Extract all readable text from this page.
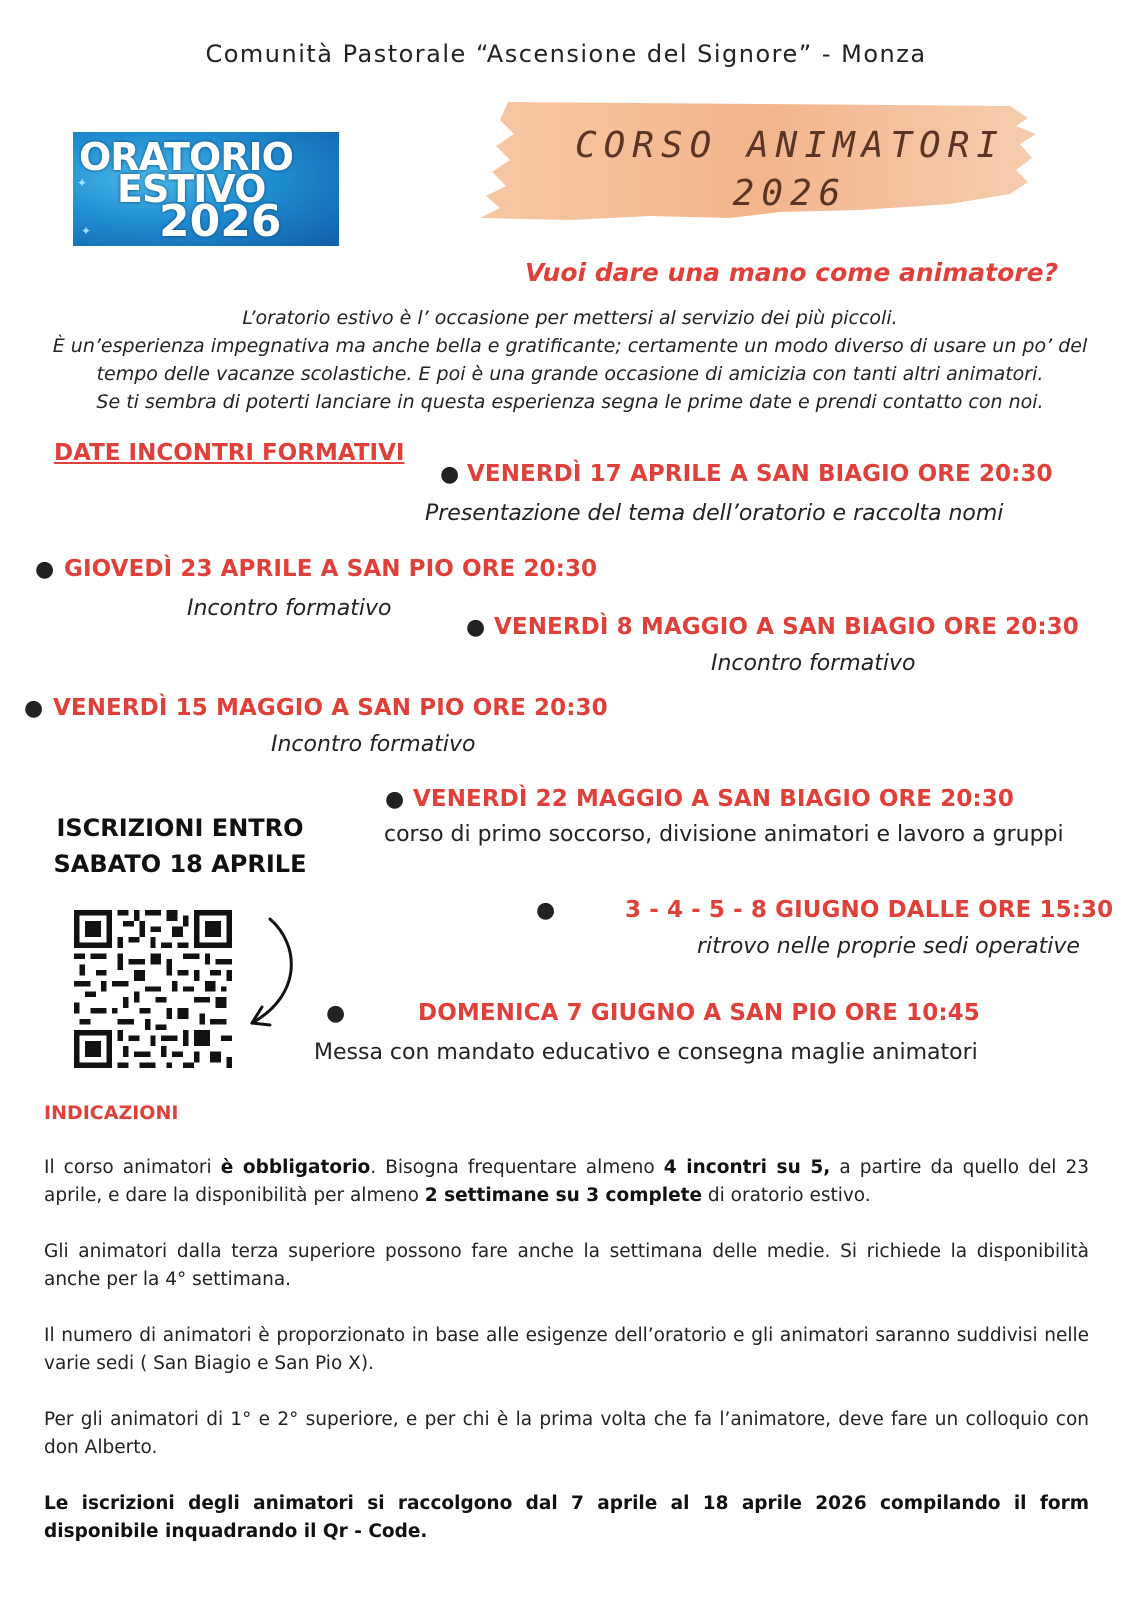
Comunità Pastorale “Ascensione del Signore” - Monza
✦
✦
ORATORIO
ESTIVO
2026
CORSO ANIMATORI
2026
Vuoi dare una mano come animatore?
L’oratorio estivo è l’ occasione per mettersi al servizio dei più piccoli.
È un’esperienza impegnativa ma anche bella e gratificante; certamente un modo diverso di usare un po’ del
tempo delle vacanze scolastiche. E poi è una grande occasione di amicizia con tanti altri animatori.
Se ti sembra di poterti lanciare in questa esperienza segna le prime date e prendi contatto con noi.
DATE INCONTRI FORMATIVI
● VENERDÌ 17 APRILE A SAN BIAGIO ORE 20:30
Presentazione del tema dell’oratorio e raccolta nomi
● GIOVEDÌ 23 APRILE A SAN PIO ORE 20:30
Incontro formativo
● VENERDÌ 8 MAGGIO A SAN BIAGIO ORE 20:30
Incontro formativo
● VENERDÌ 15 MAGGIO A SAN PIO ORE 20:30
Incontro formativo
● VENERDÌ 22 MAGGIO A SAN BIAGIO ORE 20:30
corso di primo soccorso, divisione animatori e lavoro a gruppi
●	3 - 4 - 5 - 8 GIUGNO DALLE ORE 15:30
ritrovo nelle proprie sedi operative
●	DOMENICA 7 GIUGNO A SAN PIO ORE 10:45
Messa con mandato educativo e consegna maglie animatori
ISCRIZIONI ENTRO
SABATO 18 APRILE
INDICAZIONI
Il corso animatori è obbligatorio. Bisogna frequentare almeno 4 incontri su 5, a partire da quello del 23 aprile, e dare la disponibilità per almeno 2 settimane su 3 complete di oratorio estivo.
Gli animatori dalla terza superiore possono fare anche la settimana delle medie. Si richiede la disponibilità anche per la 4° settimana.
Il numero di animatori è proporzionato in base alle esigenze dell’oratorio e gli animatori saranno suddivisi nelle varie sedi ( San Biagio e San Pio X).
Per gli animatori di 1° e 2° superiore, e per chi è la prima volta che fa l’animatore, deve fare un colloquio con don Alberto.
Le iscrizioni degli animatori si raccolgono dal 7 aprile al 18 aprile 2026 compilando il form disponibile inquadrando il Qr - Code.
